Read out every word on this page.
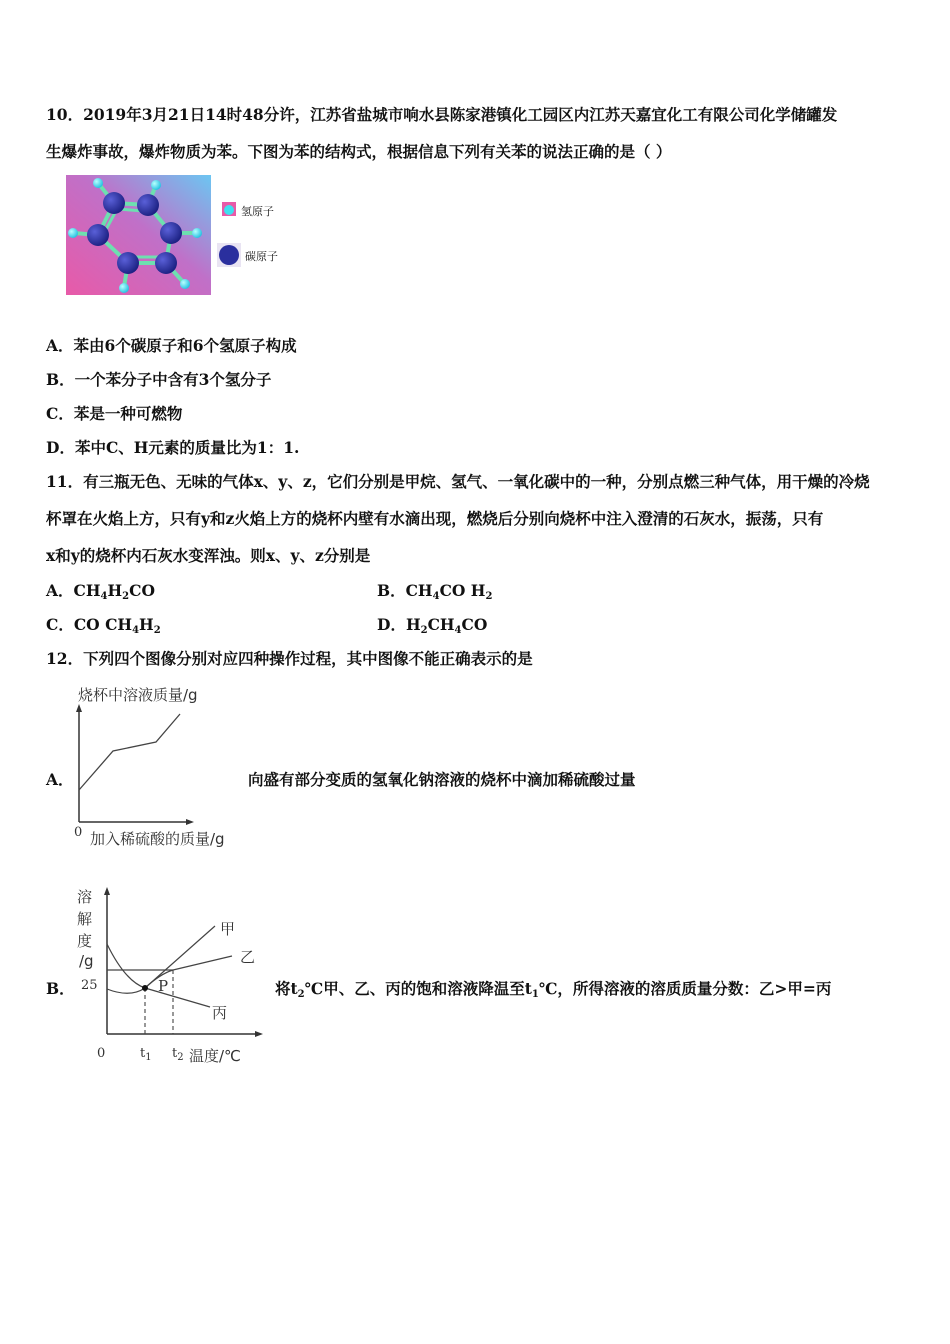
10．2019年3月21日14时48分许，江苏省盐城市响水县陈家港镇化工园区内江苏天嘉宜化工有限公司化学储罐发
生爆炸事故，爆炸物质为苯。下图为苯的结构式，根据信息下列有关苯的说法正确的是（ ）
氢原子
碳原子
A．苯由6个碳原子和6个氢原子构成
B．一个苯分子中含有3个氢分子
C．苯是一种可燃物
D．苯中C、H元素的质量比为1：1.
11．有三瓶无色、无味的气体x、y、z，它们分别是甲烷、氢气、一氧化碳中的一种，分别点燃三种气体，用干燥的冷烧
杯罩在火焰上方，只有y和z火焰上方的烧杯内壁有水滴出现，燃烧后分别向烧杯中注入澄清的石灰水，振荡，只有
x和y的烧杯内石灰水变浑浊。则x、y、z分别是
A．$CH_4H_2CO$	B．$CH_4CO$ $H_2$
C．CO $CH_4H_2$	D．$H_2CH_4CO$
12．下列四个图像分别对应四种操作过程，其中图像不能正确表示的是
A．
烧杯中溶液质量/g
0 加入稀硫酸的质量/g
向盛有部分变质的氢氧化钠溶液的烧杯中滴加稀硫酸过量
B．
溶
解
度
/g
25	P
甲
乙
丙
0	$t_1$ $t_2$ 温度/℃
将$t_2℃$甲、乙、丙的饱和溶液降温至$t_1℃$，所得溶液的溶质质量分数：乙>甲=丙
